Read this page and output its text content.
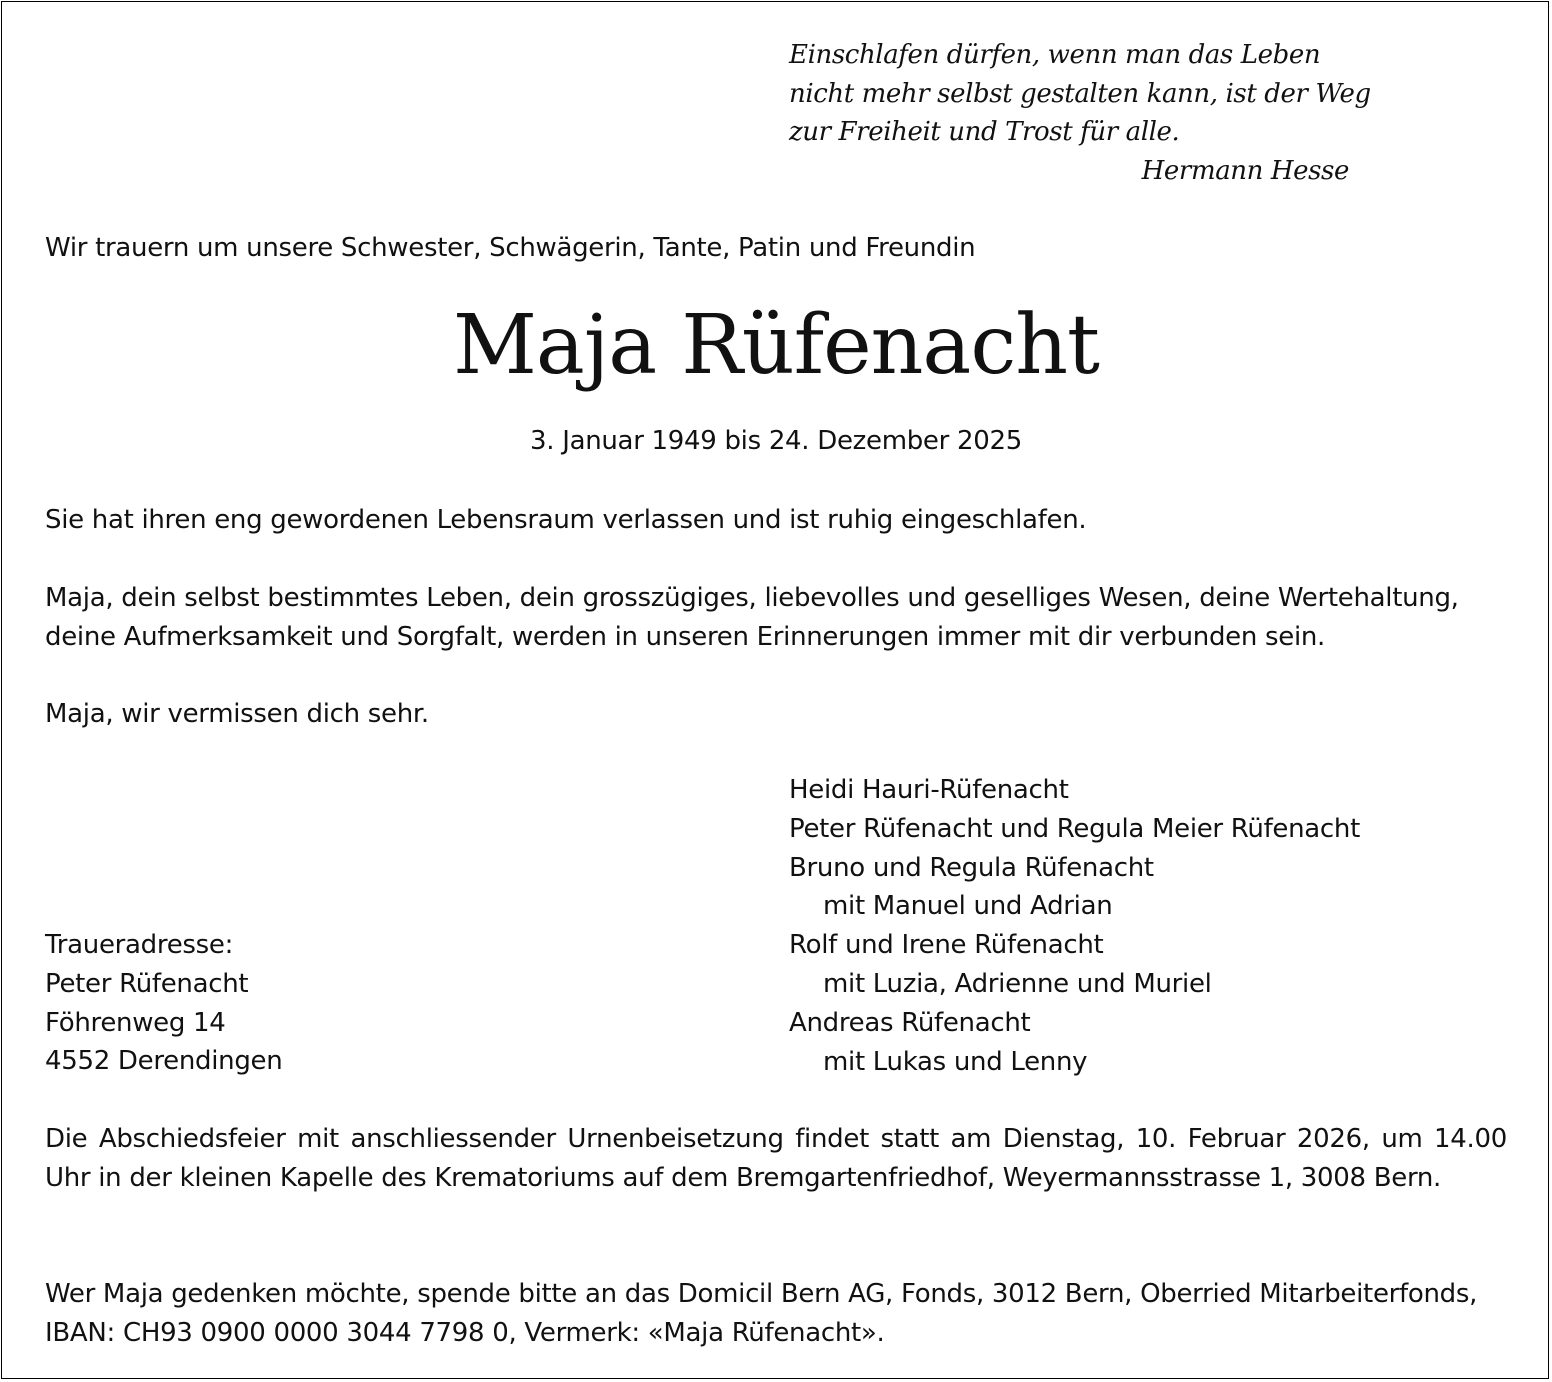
Einschlafen dürfen, wenn man das Leben
nicht mehr selbst gestalten kann, ist der Weg
zur Freiheit und Trost für alle.
Hermann Hesse
Wir trauern um unsere Schwester, Schwägerin, Tante, Patin und Freundin
Maja Rüfenacht
3. Januar 1949 bis 24. Dezember 2025
Sie hat ihren eng gewordenen Lebensraum verlassen und ist ruhig eingeschlafen.
Maja, dein selbst bestimmtes Leben, dein grosszügiges, liebevolles und geselliges Wesen, deine Wertehaltung,
deine Aufmerksamkeit und Sorgfalt, werden in unseren Erinnerungen immer mit dir verbunden sein.
Maja, wir vermissen dich sehr.
Heidi Hauri-Rüfenacht
Peter Rüfenacht und Regula Meier Rüfenacht
Bruno und Regula Rüfenacht
mit Manuel und Adrian
Rolf und Irene Rüfenacht
mit Luzia, Adrienne und Muriel
Andreas Rüfenacht
mit Lukas und Lenny
Traueradresse:
Peter Rüfenacht
Föhrenweg 14
4552 Derendingen
Die Abschiedsfeier mit anschliessender Urnenbeisetzung findet statt am Dienstag, 10. Februar 2026, um 14.00 Uhr in der kleinen Kapelle des Krematoriums auf dem Bremgartenfriedhof, Weyermannsstrasse 1, 3008 Bern.
Wer Maja gedenken möchte, spende bitte an das Domicil Bern AG, Fonds, 3012 Bern, Oberried Mitarbeiterfonds,
IBAN: CH93 0900 0000 3044 7798 0, Vermerk: «Maja Rüfenacht».
